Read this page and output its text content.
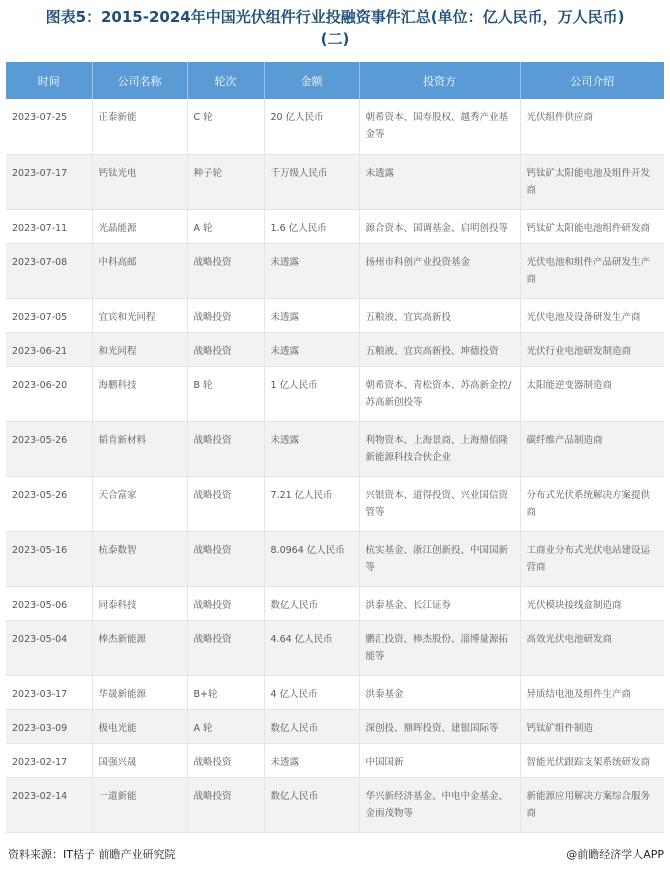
图表5：2015-2024年中国光伏组件行业投融资事件汇总(单位：亿人民币，万人民币)
(二)
时间	公司名称	轮次	金额	投资方	公司介绍
2023-07-25	正泰新能	C 轮	20 亿人民币	朝希资本、国寿股权、越秀产业基金等	光伏组件供应商
2023-07-17	钙钛光电	种子轮	千万级人民币	未透露	钙钛矿太阳能电池及组件开发商
2023-07-11	光晶能源	A 轮	1.6 亿人民币	源合资本、国调基金、启明创投等	钙钛矿太阳能电池组件研发商
2023-07-08	中科高邮	战略投资	未透露	扬州市科创产业投资基金	光伏电池和组件产品研发生产商
2023-07-05	宜宾和光同程	战略投资	未透露	五粮液、宜宾高新投	光伏电池及设备研发生产商
2023-06-21	和光同程	战略投资	未透露	五粮液、宜宾高新投、坤德投资	光伏行业电池研发制造商
2023-06-20	海鹏科技	B 轮	1 亿人民币	朝希资本、青松资本、苏高新金控/苏高新创投等	太阳能逆变器制造商
2023-05-26	韬肯新材料	战略投资	未透露	利物资本、上海景商、上海鼎佰隆新能源科技合伙企业	碳纤维产品制造商
2023-05-26	天合富家	战略投资	7.21 亿人民币	兴银资本、道得投资、兴业国信资管等	分布式光伏系统解决方案提供商
2023-05-16	杭泰数智	战略投资	8.0964 亿人民币	杭实基金、浙江创新投、中国国新等	工商业分布式光伏电站建设运营商
2023-05-06	同泰科技	战略投资	数亿人民币	洪泰基金、长江证券	光伏模块接线盒制造商
2023-05-04	棒杰新能源	战略投资	4.64 亿人民币	鹏汇投资、棒杰股份、淄博量源拓能等	高效光伏电池研发商
2023-03-17	华晟新能源	B+轮	4 亿人民币	洪泰基金	异质结电池及组件生产商
2023-03-09	极电光能	A 轮	数亿人民币	深创投、鼎晖投资、建银国际等	钙钛矿组件制造
2023-02-17	国强兴晟	战略投资	未透露	中国国新	智能光伏跟踪支架系统研发商
2023-02-14	一道新能	战略投资	数亿人民币	华兴新经济基金、中电中金基金、金雨茂物等	新能源应用解决方案综合服务商
资料来源：IT桔子 前瞻产业研究院	@前瞻经济学人APP
